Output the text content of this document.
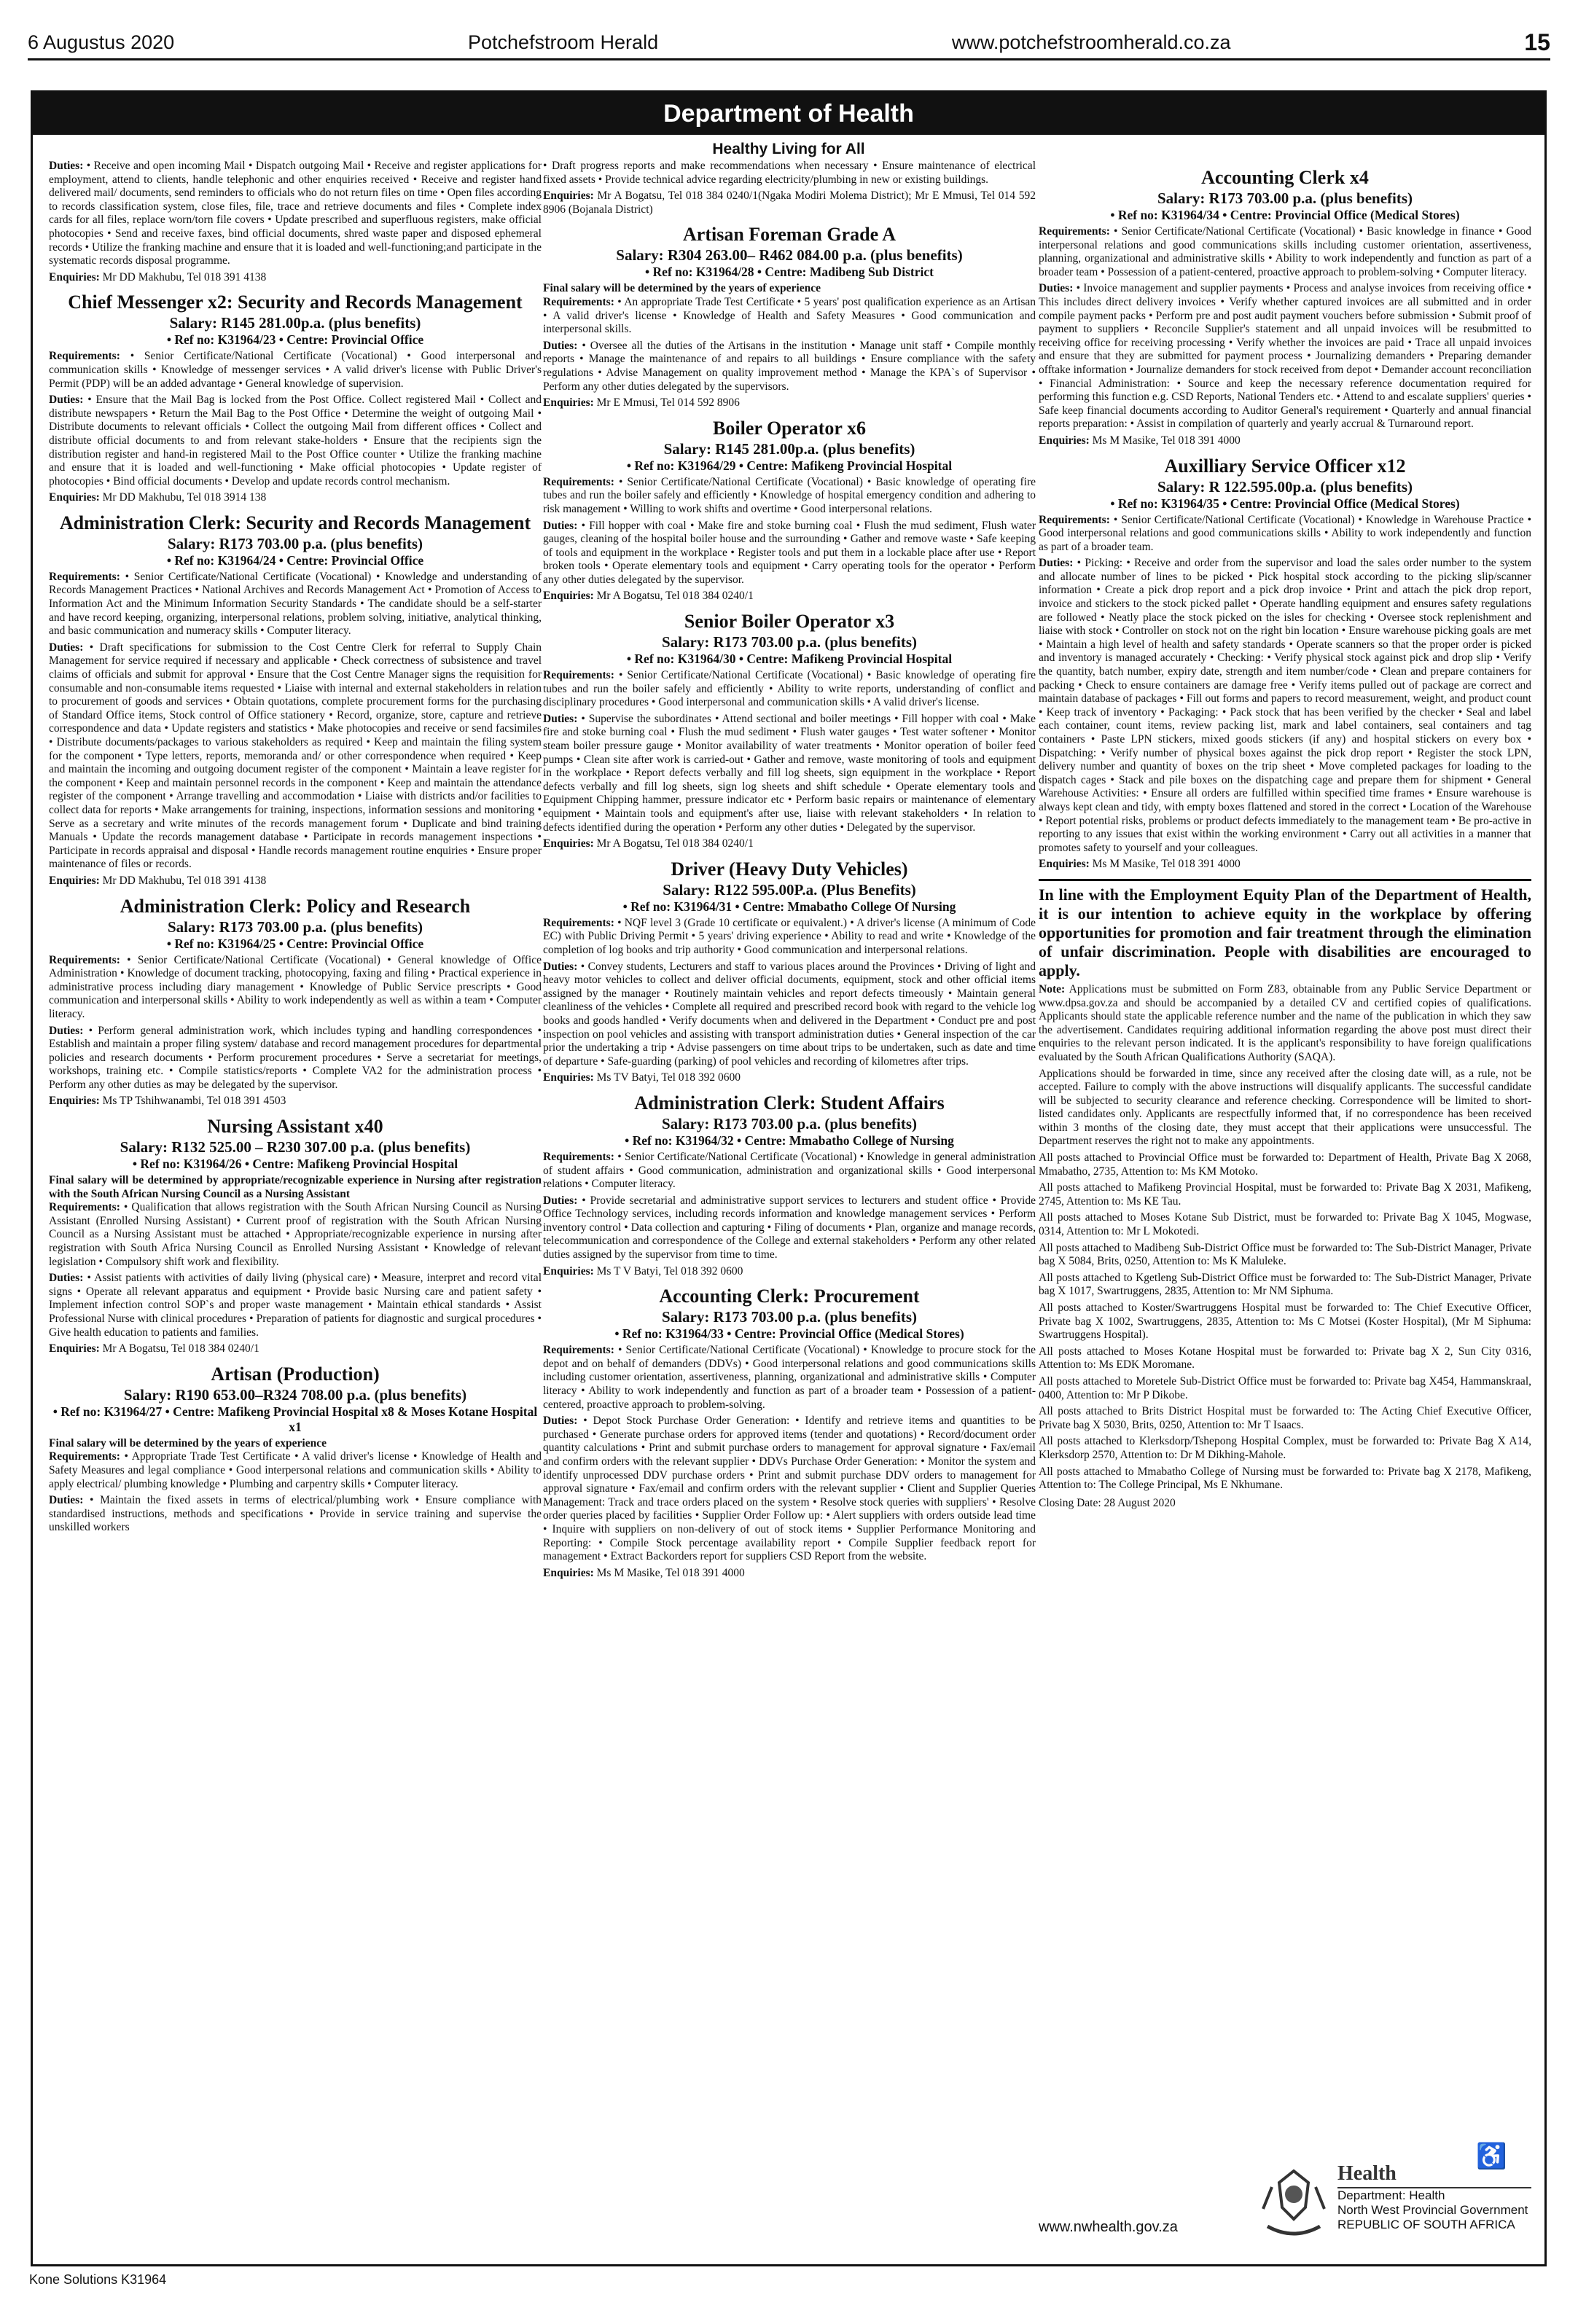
6 Augustus 2020	Potchefstroom Herald	www.potchefstroomherald.co.za	15
Department of Health
Healthy Living for All

Duties: • Receive and open incoming Mail • Dispatch outgoing Mail • Receive and register applications for employment, attend to clients, handle telephonic and other enquiries received • Receive and register hand delivered mail/ documents, send reminders to officials who do not return files on time • Open files according to records classification system, close files, file, trace and retrieve documents and files • Complete index cards for all files, replace worn/torn file covers • Update prescribed and superfluous registers, make official photocopies • Send and receive faxes, bind official documents, shred waste paper and disposed ephemeral records • Utilize the franking machine and ensure that it is loaded and well-functioning;and participate in the systematic records disposal programme.

Enquiries: Mr DD Makhubu, Tel 018 391 4138

Chief Messenger x2: Security and Records Management
Salary: R145 281.00p.a. (plus benefits)
• Ref no: K31964/23 • Centre: Provincial Office

Requirements: • Senior Certificate/National Certificate (Vocational) • Good interpersonal and communication skills • Knowledge of messenger services • A valid driver's license with Public Driver's Permit (PDP) will be an added advantage • General knowledge of supervision.

Duties: • Ensure that the Mail Bag is locked from the Post Office. Collect registered Mail • Collect and distribute newspapers • Return the Mail Bag to the Post Office • Determine the weight of outgoing Mail • Distribute documents to relevant officials • Collect the outgoing Mail from different offices • Collect and distribute official documents to and from relevant stake-holders • Ensure that the recipients sign the distribution register and hand-in registered Mail to the Post Office counter • Utilize the franking machine and ensure that it is loaded and well-functioning • Make official photocopies • Update register of photocopies • Bind official documents • Develop and update records control mechanism.

Enquiries: Mr DD Makhubu, Tel 018 3914 138

Administration Clerk: Security and Records Management
Salary: R173 703.00 p.a. (plus benefits)
• Ref no: K31964/24 • Centre: Provincial Office

Requirements: • Senior Certificate/National Certificate (Vocational) • Knowledge and understanding of Records Management Practices • National Archives and Records Management Act • Promotion of Access to Information Act and the Minimum Information Security Standards • The candidate should be a self-starter and have record keeping, organizing, interpersonal relations, problem solving, initiative, analytical thinking, and basic communication and numeracy skills • Computer literacy.

Duties: • Draft specifications for submission to the Cost Centre Clerk for referral to Supply Chain Management for service required if necessary and applicable • Check correctness of subsistence and travel claims of officials and submit for approval • Ensure that the Cost Centre Manager signs the requisition for consumable and non-consumable items requested • Liaise with internal and external stakeholders in relation to procurement of goods and services • Obtain quotations, complete procurement forms for the purchasing of Standard Office items, Stock control of Office stationery • Record, organize, store, capture and retrieve correspondence and data • Update registers and statistics • Make photocopies and receive or send facsimiles • Distribute documents/packages to various stakeholders as required • Keep and maintain the filing system for the component • Type letters, reports, memoranda and/ or other correspondence when required • Keep and maintain the incoming and outgoing document register of the component • Maintain a leave register for the component • Keep and maintain personnel records in the component • Keep and maintain the attendance register of the component • Arrange travelling and accommodation • Liaise with districts and/or facilities to collect data for reports • Make arrangements for training, inspections, information sessions and monitoring • Serve as a secretary and write minutes of the records management forum • Duplicate and bind training Manuals • Update the records management database • Participate in records management inspections • Participate in records appraisal and disposal • Handle records management routine enquiries • Ensure proper maintenance of files or records.

Enquiries: Mr DD Makhubu, Tel 018 391 4138

Administration Clerk: Policy and Research
Salary: R173 703.00 p.a. (plus benefits)
• Ref no: K31964/25 • Centre: Provincial Office

Requirements: • Senior Certificate/National Certificate (Vocational) • General knowledge of Office Administration • Knowledge of document tracking, photocopying, faxing and filing • Practical experience in administrative process including diary management • Knowledge of Public Service prescripts • Good communication and interpersonal skills • Ability to work independently as well as within a team • Computer literacy.

Duties: • Perform general administration work, which includes typing and handling correspondences • Establish and maintain a proper filing system/ database and record management procedures for departmental policies and research documents • Perform procurement procedures • Serve a secretariat for meetings, workshops, training etc. • Compile statistics/reports • Complete VA2 for the administration process • Perform any other duties as may be delegated by the supervisor.

Enquiries: Ms TP Tshihwanambi, Tel 018 391 4503

Nursing Assistant x40
Salary: R132 525.00 – R230 307.00 p.a. (plus benefits)
• Ref no: K31964/26 • Centre: Mafikeng Provincial Hospital

Final salary will be determined by appropriate/recognizable experience in Nursing after registration with the South African Nursing Council as a Nursing Assistant

Requirements: • Qualification that allows registration with the South African Nursing Council as Nursing Assistant (Enrolled Nursing Assistant) • Current proof of registration with the South African Nursing Council as a Nursing Assistant must be attached • Appropriate/recognizable experience in nursing after registration with South Africa Nursing Council as Enrolled Nursing Assistant • Knowledge of relevant legislation • Compulsory shift work and flexibility.

Duties: • Assist patients with activities of daily living (physical care) • Measure, interpret and record vital signs • Operate all relevant apparatus and equipment • Provide basic Nursing care and patient safety • Implement infection control SOP`s and proper waste management • Maintain ethical standards • Assist Professional Nurse with clinical procedures • Preparation of patients for diagnostic and surgical procedures • Give health education to patients and families.

Enquiries: Mr A Bogatsu, Tel 018 384 0240/1

Artisan (Production)
Salary: R190 653.00–R324 708.00 p.a. (plus benefits)
• Ref no: K31964/27 • Centre: Mafikeng Provincial Hospital x8 & Moses Kotane Hospital x1

Final salary will be determined by the years of experience

Requirements: • Appropriate Trade Test Certificate • A valid driver's license • Knowledge of Health and Safety Measures and legal compliance • Good interpersonal relations and communication skills • Ability to apply electrical/ plumbing knowledge • Plumbing and carpentry skills • Computer literacy.

Duties: • Maintain the fixed assets in terms of electrical/plumbing work • Ensure compliance with standardised instructions, methods and specifications • Provide in service training and supervise the unskilled workers

• Draft progress reports and make recommendations when necessary • Ensure maintenance of electrical fixed assets • Provide technical advice regarding electricity/plumbing in new or existing buildings.

Enquiries: Mr A Bogatsu, Tel 018 384 0240/1(Ngaka Modiri Molema District); Mr E Mmusi, Tel 014 592 8906 (Bojanala District)

Artisan Foreman Grade A
Salary: R304 263.00– R462 084.00 p.a. (plus benefits)
• Ref no: K31964/28 • Centre: Madibeng Sub District

Final salary will be determined by the years of experience

Requirements: • An appropriate Trade Test Certificate • 5 years' post qualification experience as an Artisan • A valid driver's license • Knowledge of Health and Safety Measures • Good communication and interpersonal skills.

Duties: • Oversee all the duties of the Artisans in the institution • Manage unit staff • Compile monthly reports • Manage the maintenance of and repairs to all buildings • Ensure compliance with the safety regulations • Advise Management on quality improvement method • Manage the KPA`s of Supervisor • Perform any other duties delegated by the supervisors.

Enquiries: Mr E Mmusi, Tel 014 592 8906

Boiler Operator x6
Salary: R145 281.00p.a. (plus benefits)
• Ref no: K31964/29 • Centre: Mafikeng Provincial Hospital

Requirements: • Senior Certificate/National Certificate (Vocational) • Basic knowledge of operating fire tubes and run the boiler safely and efficiently • Knowledge of hospital emergency condition and adhering to risk management • Willing to work shifts and overtime • Good interpersonal relations.

Duties: • Fill hopper with coal • Make fire and stoke burning coal • Flush the mud sediment, Flush water gauges, cleaning of the hospital boiler house and the surrounding • Gather and remove waste • Safe keeping of tools and equipment in the workplace • Register tools and put them in a lockable place after use • Report broken tools • Operate elementary tools and equipment • Carry operating tools for the operator • Perform any other duties delegated by the supervisor.

Enquiries: Mr A Bogatsu, Tel 018 384 0240/1

Senior Boiler Operator x3
Salary: R173 703.00 p.a. (plus benefits)
• Ref no: K31964/30 • Centre: Mafikeng Provincial Hospital

Requirements: • Senior Certificate/National Certificate (Vocational) • Basic knowledge of operating fire tubes and run the boiler safely and efficiently • Ability to write reports, understanding of conflict and disciplinary procedures • Good interpersonal and communication skills • A valid driver's license.

Duties: • Supervise the subordinates • Attend sectional and boiler meetings • Fill hopper with coal • Make fire and stoke burning coal • Flush the mud sediment • Flush water gauges • Test water softener • Monitor steam boiler pressure gauge • Monitor availability of water treatments • Monitor operation of boiler feed pumps • Clean site after work is carried-out • Gather and remove, waste monitoring of tools and equipment in the workplace • Report defects verbally and fill log sheets, sign equipment in the workplace • Report defects verbally and fill log sheets, sign log sheets and shift schedule • Operate elementary tools and Equipment Chipping hammer, pressure indicator etc • Perform basic repairs or maintenance of elementary equipment • Maintain tools and equipment's after use, liaise with relevant stakeholders • In relation to defects identified during the operation • Perform any other duties • Delegated by the supervisor.

Enquiries: Mr A Bogatsu, Tel 018 384 0240/1

Driver (Heavy Duty Vehicles)
Salary: R122 595.00P.a. (Plus Benefits)
• Ref no: K31964/31 • Centre: Mmabatho College Of Nursing

Requirements: • NQF level 3 (Grade 10 certificate or equivalent.) • A driver's license (A minimum of Code EC) with Public Driving Permit • 5 years' driving experience • Ability to read and write • Knowledge of the completion of log books and trip authority • Good communication and interpersonal relations.

Duties: • Convey students, Lecturers and staff to various places around the Provinces • Driving of light and heavy motor vehicles to collect and deliver official documents, equipment, stock and other official items assigned by the manager • Routinely maintain vehicles and report defects timeously • Maintain general cleanliness of the vehicles • Complete all required and prescribed record book with regard to the vehicle log books and goods handled • Verify documents when and delivered in the Department • Conduct pre and post inspection on pool vehicles and assisting with transport administration duties • General inspection of the car prior the undertaking a trip • Advise passengers on time about trips to be undertaken, such as date and time of departure • Safe-guarding (parking) of pool vehicles and recording of kilometres after trips.

Enquiries: Ms TV Batyi, Tel 018 392 0600

Administration Clerk: Student Affairs
Salary: R173 703.00 p.a. (plus benefits)
• Ref no: K31964/32 • Centre: Mmabatho College of Nursing

Requirements: • Senior Certificate/National Certificate (Vocational) • Knowledge in general administration of student affairs • Good communication, administration and organizational skills • Good interpersonal relations • Computer literacy.

Duties: • Provide secretarial and administrative support services to lecturers and student office • Provide Office Technology services, including records information and knowledge management services • Perform inventory control • Data collection and capturing • Filing of documents • Plan, organize and manage records, telecommunication and correspondence of the College and external stakeholders • Perform any other related duties assigned by the supervisor from time to time.

Enquiries: Ms T V Batyi, Tel 018 392 0600

Accounting Clerk: Procurement
Salary: R173 703.00 p.a. (plus benefits)
• Ref no: K31964/33 • Centre: Provincial Office (Medical Stores)

Requirements: • Senior Certificate/National Certificate (Vocational) • Knowledge to procure stock for the depot and on behalf of demanders (DDVs) • Good interpersonal relations and good communications skills including customer orientation, assertiveness, planning, organizational and administrative skills • Computer literacy • Ability to work independently and function as part of a broader team • Possession of a patient-centered, proactive approach to problem-solving.

Duties: • Depot Stock Purchase Order Generation: • Identify and retrieve items and quantities to be purchased • Generate purchase orders for approved items (tender and quotations) • Record/document order quantity calculations • Print and submit purchase orders to management for approval signature • Fax/email and confirm orders with the relevant supplier • DDVs Purchase Order Generation: • Monitor the system and identify unprocessed DDV purchase orders • Print and submit purchase DDV orders to management for approval signature • Fax/email and confirm orders with the relevant supplier • Client and Supplier Queries Management: Track and trace orders placed on the system • Resolve stock queries with suppliers' • Resolve order queries placed by facilities • Supplier Order Follow up: • Alert suppliers with orders outside lead time • Inquire with suppliers on non-delivery of out of stock items • Supplier Performance Monitoring and Reporting: • Compile Stock percentage availability report • Compile Supplier feedback report for management • Extract Backorders report for suppliers CSD Report from the website.

Enquiries: Ms M Masike, Tel 018 391 4000

Accounting Clerk x4
Salary: R173 703.00 p.a. (plus benefits)
• Ref no: K31964/34 • Centre: Provincial Office (Medical Stores)

Requirements: • Senior Certificate/National Certificate (Vocational) • Basic knowledge in finance • Good interpersonal relations and good communications skills including customer orientation, assertiveness, planning, organizational and administrative skills • Ability to work independently and function as part of a broader team • Possession of a patient-centered, proactive approach to problem-solving • Computer literacy.

Duties: • Invoice management and supplier payments • Process and analyse invoices from receiving office • This includes direct delivery invoices • Verify whether captured invoices are all submitted and in order compile payment packs • Perform pre and post audit payment vouchers before submission • Submit proof of payment to suppliers • Reconcile Supplier's statement and all unpaid invoices will be resubmitted to receiving office for receiving processing • Verify whether the invoices are paid • Trace all unpaid invoices and ensure that they are submitted for payment process • Journalizing demanders • Preparing demander offtake information • Journalize demanders for stock received from depot • Demander account reconciliation • Financial Administration: • Source and keep the necessary reference documentation required for performing this function e.g. CSD Reports, National Tenders etc. • Attend to and escalate suppliers' queries • Safe keep financial documents according to Auditor General's requirement • Quarterly and annual financial reports preparation: • Assist in compilation of quarterly and yearly accrual & Turnaround report.

Enquiries: Ms M Masike, Tel 018 391 4000

Auxilliary Service Officer x12
Salary: R 122.595.00p.a. (plus benefits)
• Ref no: K31964/35 • Centre: Provincial Office (Medical Stores)

Requirements: • Senior Certificate/National Certificate (Vocational) • Knowledge in Warehouse Practice • Good interpersonal relations and good communications skills • Ability to work independently and function as part of a broader team.

Duties: • Picking: • Receive and order from the supervisor and load the sales order number to the system and allocate number of lines to be picked • Pick hospital stock according to the picking slip/scanner information • Create a pick drop report and a pick drop invoice • Print and attach the pick drop report, invoice and stickers to the stock picked pallet • Operate handling equipment and ensures safety regulations are followed • Neatly place the stock picked on the isles for checking • Oversee stock replenishment and liaise with stock • Controller on stock not on the right bin location • Ensure warehouse picking goals are met • Maintain a high level of health and safety standards • Operate scanners so that the proper order is picked and inventory is managed accurately • Checking: • Verify physical stock against pick and drop slip • Verify the quantity, batch number, expiry date, strength and item number/code • Clean and prepare containers for packing • Check to ensure containers are damage free • Verify items pulled out of package are correct and maintain database of packages • Fill out forms and papers to record measurement, weight, and product count • Keep track of inventory • Packaging: • Pack stock that has been verified by the checker • Seal and label each container, count items, review packing list, mark and label containers, seal containers and tag containers • Paste LPN stickers, mixed goods stickers (if any) and hospital stickers on every box • Dispatching: • Verify number of physical boxes against the pick drop report • Register the stock LPN, delivery number and quantity of boxes on the trip sheet • Move completed packages for loading to the dispatch cages • Stack and pile boxes on the dispatching cage and prepare them for shipment • General Warehouse Activities: • Ensure all orders are fulfilled within specified time frames • Ensure warehouse is always kept clean and tidy, with empty boxes flattened and stored in the correct • Location of the Warehouse • Report potential risks, problems or product defects immediately to the management team • Be pro-active in reporting to any issues that exist within the working environment • Carry out all activities in a manner that promotes safety to yourself and your colleagues.

Enquiries: Ms M Masike, Tel 018 391 4000

In line with the Employment Equity Plan of the Department of Health, it is our intention to achieve equity in the workplace by offering opportunities for promotion and fair treatment through the elimination of unfair discrimination. People with disabilities are encouraged to apply.

Note: Applications must be submitted on Form Z83, obtainable from any Public Service Department or www.dpsa.gov.za and should be accompanied by a detailed CV and certified copies of qualifications. Applicants should state the applicable reference number and the name of the publication in which they saw the advertisement. Candidates requiring additional information regarding the above post must direct their enquiries to the relevant person indicated. It is the applicant's responsibility to have foreign qualifications evaluated by the South African Qualifications Authority (SAQA).

Applications should be forwarded in time, since any received after the closing date will, as a rule, not be accepted. Failure to comply with the above instructions will disqualify applicants. The successful candidate will be subjected to security clearance and reference checking. Correspondence will be limited to short-listed candidates only. Applicants are respectfully informed that, if no correspondence has been received within 3 months of the closing date, they must accept that their applications were unsuccessful. The Department reserves the right not to make any appointments.

All posts attached to Provincial Office must be forwarded to: Department of Health, Private Bag X 2068, Mmabatho, 2735, Attention to: Ms KM Motoko.

All posts attached to Mafikeng Provincial Hospital, must be forwarded to: Private Bag X 2031, Mafikeng, 2745, Attention to: Ms KE Tau.

All posts attached to Moses Kotane Sub District, must be forwarded to: Private Bag X 1045, Mogwase, 0314, Attention to: Mr L Mokotedi.

All posts attached to Madibeng Sub-District Office must be forwarded to: The Sub-District Manager, Private bag X 5084, Brits, 0250, Attention to: Ms K Maluleke.

All posts attached to Kgetleng Sub-District Office must be forwarded to: The Sub-District Manager, Private bag X 1017, Swartruggens, 2835, Attention to: Mr NM Siphuma.

All posts attached to Koster/Swartruggens Hospital must be forwarded to: The Chief Executive Officer, Private bag X 1002, Swartruggens, 2835, Attention to: Ms C Motsei (Koster Hospital), (Mr M Siphuma: Swartruggens Hospital).

All posts attached to Moses Kotane Hospital must be forwarded to: Private bag X 2, Sun City 0316, Attention to: Ms EDK Moromane.

All posts attached to Moretele Sub-District Office must be forwarded to: Private bag X454, Hammanskraal, 0400, Attention to: Mr P Dikobe.

All posts attached to Brits District Hospital must be forwarded to: The Acting Chief Executive Officer, Private bag X 5030, Brits, 0250, Attention to: Mr T Isaacs.

All posts attached to Klerksdorp/Tshepong Hospital Complex, must be forwarded to: Private Bag X A14, Klerksdorp 2570, Attention to: Dr M Dikhing-Mahole.

All posts attached to Mmabatho College of Nursing must be forwarded to: Private bag X 2178, Mafikeng, Attention to: The College Principal, Ms E Nkhumane.

Closing Date: 28 August 2020

www.nwhealth.gov.za
Health
Department: Health
North West Provincial Government
REPUBLIC OF SOUTH AFRICA
♿
Kone Solutions K31964
